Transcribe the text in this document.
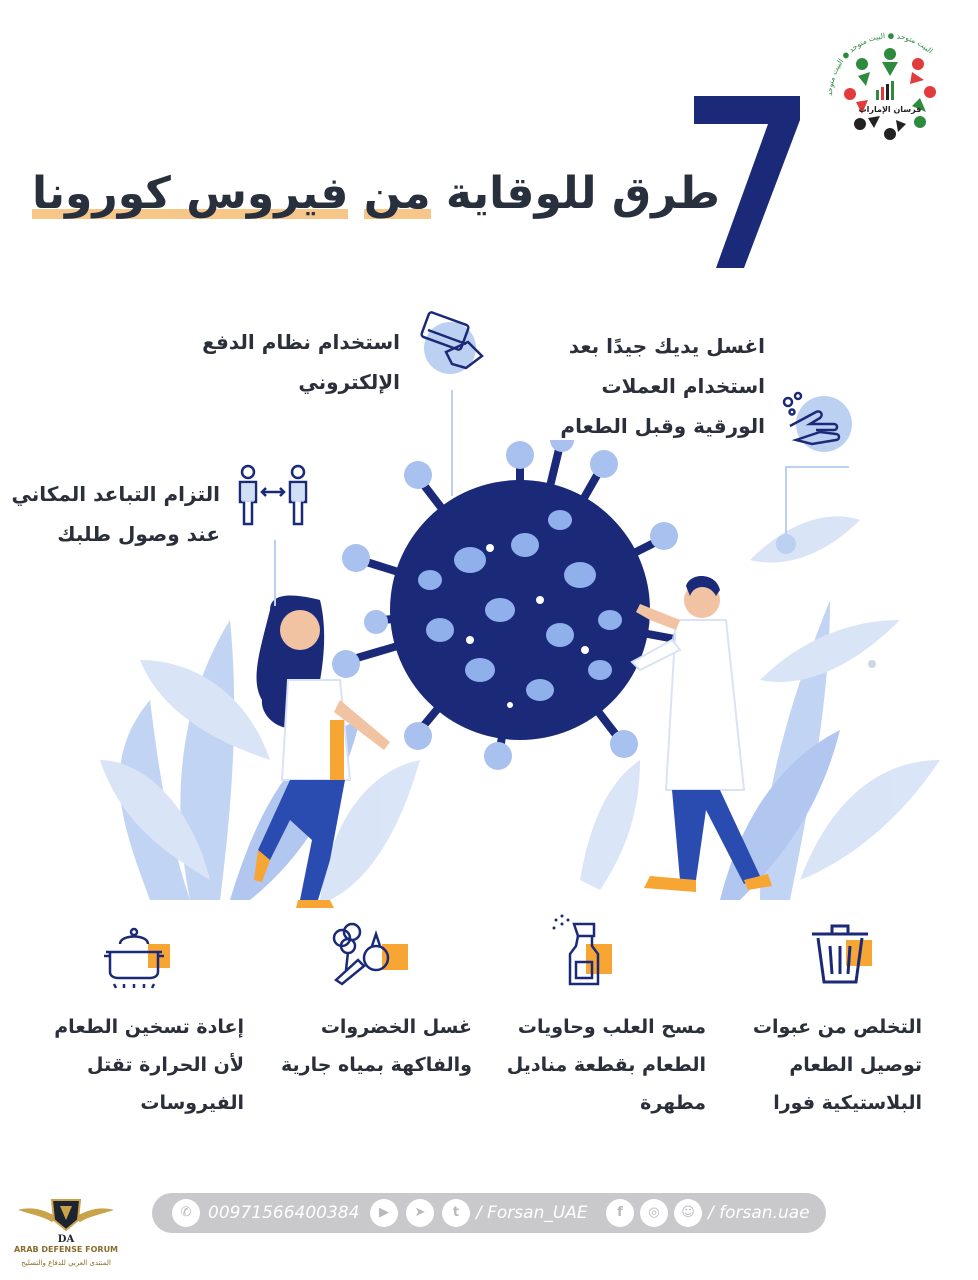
البيت متوحد ● البيت متوحد ● البيت متوحد
فرسان الإمارات
طرق للوقاية من فيروس كورونا
اغسل يديك جيدًا بعد
استخدام العملات
الورقية وقبل الطعام
استخدام نظام الدفع
الإلكتروني
التزام التباعد المكاني
عند وصول طلبك
التخلص من عبوات
توصيل الطعام
البلاستيكية فورا
مسح العلب وحاويات
الطعام بقطعة مناديل
مطهرة
غسل الخضروات
والفاكهة بمياه جارية
إعادة تسخين الطعام
لأن الحرارة تقتل
الفيروسات
✆ 00971566400384	▶	➤	t / Forsan_UAE	f	◎	☺ / forsan.uae
DA
ARAB DEFENSE FORUM
المنتدى العربي للدفاع والتسليح
